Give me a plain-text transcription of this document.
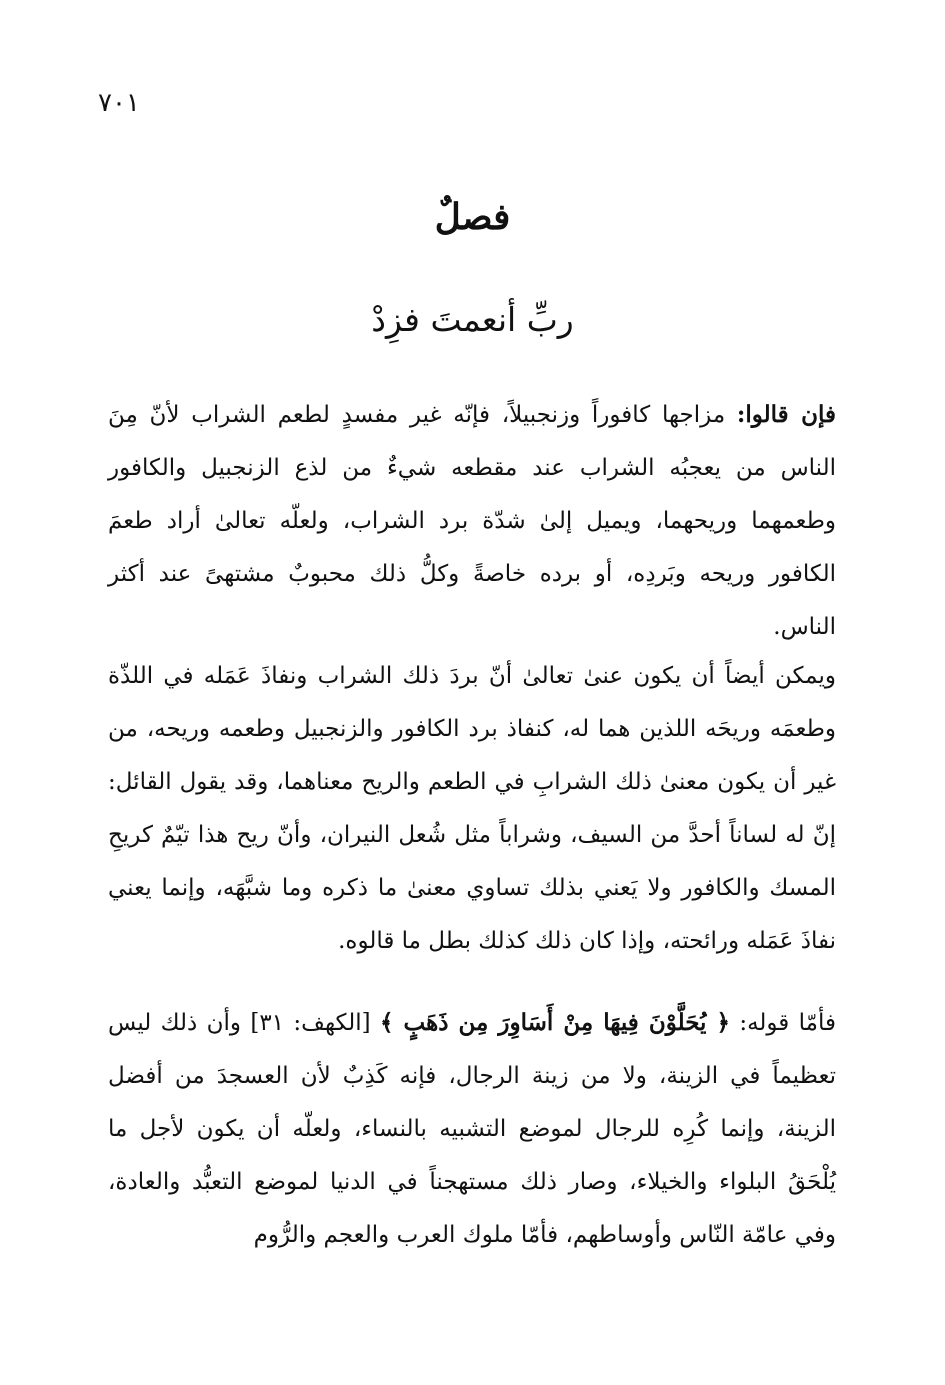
٧٠١
فصلٌ
ربِّ أنعمتَ فزِدْ

فإن قالوا: مزاجها كافوراً وزنجبيلاً، فإنّه غير مفسدٍ لطعم الشراب لأنّ مِنَ الناس من يعجبُه الشراب عند مقطعه شيءٌ من لذع الزنجبيل والكافور وطعمهما وريحهما، ويميل إلىٰ شدّة برد الشراب، ولعلّه تعالىٰ أراد طعمَ الكافور وريحه وبَردِه، أو برده خاصةً وكلُّ ذلك محبوبٌ مشتهىً عند أكثر الناس.

ويمكن أيضاً أن يكون عنىٰ تعالىٰ أنّ بردَ ذلك الشراب ونفاذَ عَمَله في اللذّة وطعمَه وريحَه اللذين هما له، كنفاذ برد الكافور والزنجبيل وطعمه وريحه، من غير أن يكون معنىٰ ذلك الشرابِ في الطعم والريح معناهما، وقد يقول القائل: إنّ له لساناً أحدَّ من السيف، وشراباً مثل شُعل النيران، وأنّ ريح هذا تيّمٌ كريحِ المسك والكافور ولا يَعني بذلك تساوي معنىٰ ما ذكره وما شبَّهَه، وإنما يعني نفاذَ عَمَله ورائحته، وإذا كان ذلك كذلك بطل ما قالوه.

فأمّا قوله: ﴿ يُحَلَّوْنَ فِيهَا مِنْ أَسَاوِرَ مِن ذَهَبٍ ﴾ [الكهف: ٣١] وأن ذلك ليس تعظيماً في الزينة، ولا من زينة الرجال، فإنه كَذِبٌ لأن العسجدَ من أفضل الزينة، وإنما كُرِه للرجال لموضع التشبيه بالنساء، ولعلّه أن يكون لأجل ما يُلْحَقُ البلواء والخيلاء، وصار ذلك مستهجناً في الدنيا لموضع التعبُّد والعادة، وفي عامّة النّاس وأوساطهم، فأمّا ملوك العرب والعجم والرُّوم
